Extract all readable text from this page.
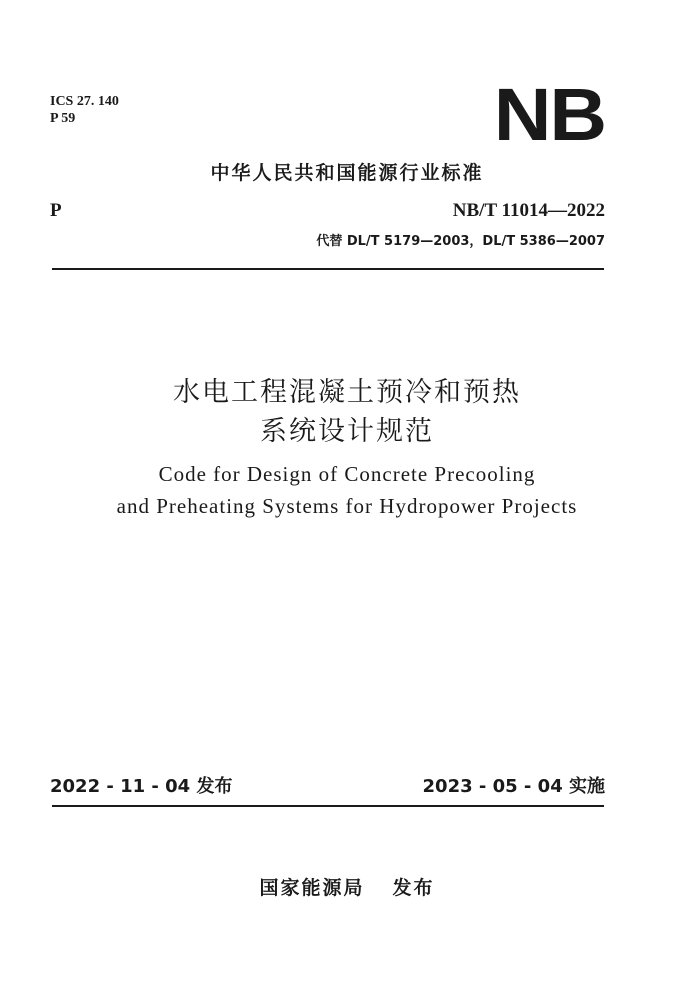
ICS 27. 140
P 59	NB
中华人民共和国能源行业标准
P	NB/T 11014—2022
代替 DL/T 5179—2003，DL/T 5386—2007
水电工程混凝土预冷和预热
系统设计规范
Code for Design of Concrete Precooling
and Preheating Systems for Hydropower Projects
2022 - 11 - 04 发布	2023 - 05 - 04 实施
国家能源局 发布
